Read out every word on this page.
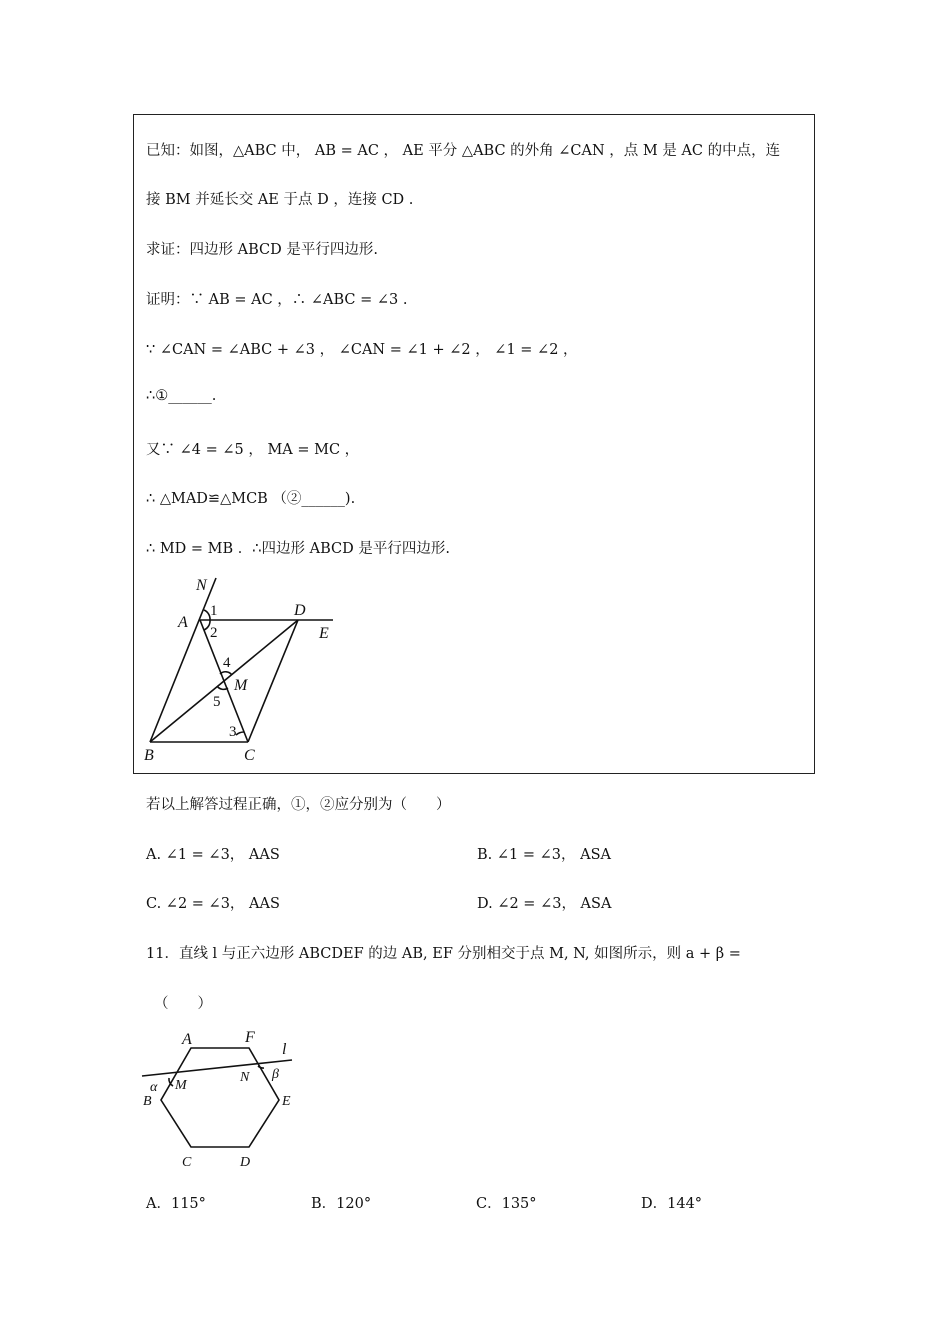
已知：如图，△ABC 中， AB = AC ， AE 平分 △ABC 的外角 ∠CAN ，点 M 是 AC 的中点，连
接 BM 并延长交 AE 于点 D ，连接 CD .
求证：四边形 ABCD 是平行四边形.
证明：∵ AB = AC ，∴ ∠ABC = ∠3 .
∵ ∠CAN = ∠ABC + ∠3 ， ∠CAN = ∠1 + ∠2 ， ∠1 = ∠2 ，
∴①______.
又∵ ∠4 = ∠5 ， MA = MC ，
∴ △MAD≌△MCB （②______).
∴ MD = MB ．∴四边形 ABCD 是平行四边形.
N
A
D
E
M
B	C
1
2
3
4
5
若以上解答过程正确，①，②应分别为（　　）
A. ∠1 = ∠3， AAS	B. ∠1 = ∠3， ASA
C. ∠2 = ∠3， AAS	D. ∠2 = ∠3， ASA
11．直线 l 与正六边形 ABCDEF 的边 AB, EF 分别相交于点 M, N, 如图所示，则 a + β =
（　　）
A	F
l
α M
N β
B	E
C	D
A．115°	B．120°	C．135°	D．144°
